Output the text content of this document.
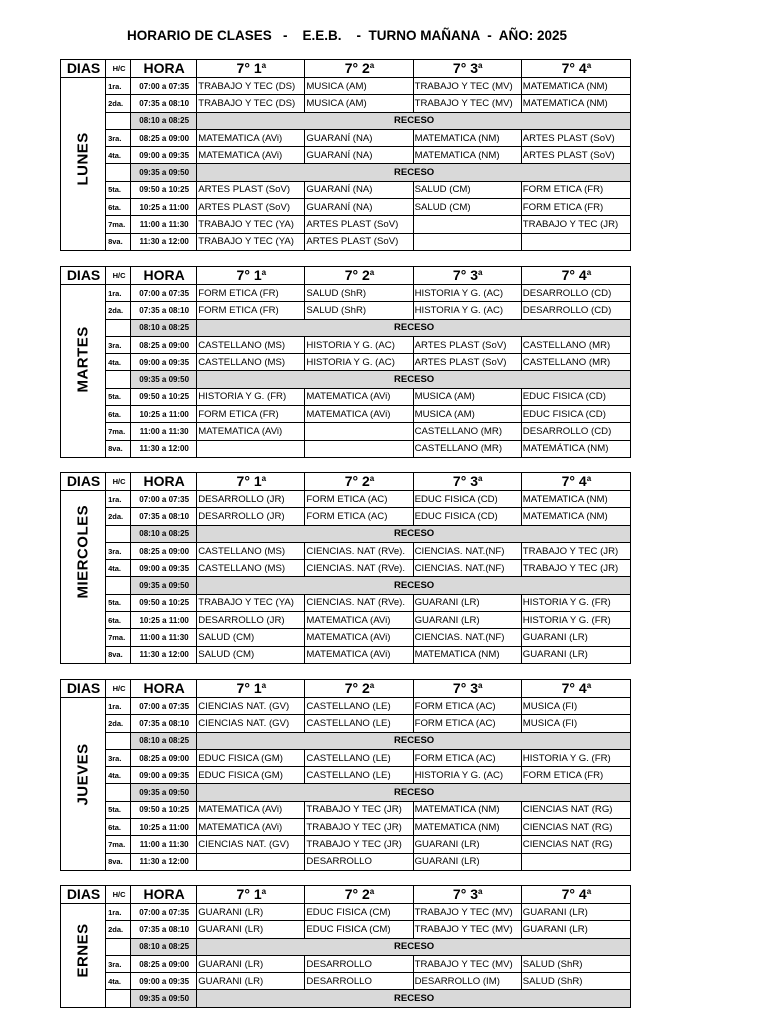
HORARIO DE CLASES   -    E.E.B.    -  TURNO MAÑANA  -  AÑO: 2025
DIAS	H/C	HORA	7° 1$^a$	7° 2$^a$	7° 3$^a$	7° 4$^a$

LUNES	1ra.	07:00 a 07:35	TRABAJO Y TEC (DS)	MUSICA (AM)	TRABAJO Y TEC (MV)	MATEMATICA (NM)
	2da.	07:35 a 08:10	TRABAJO Y TEC (DS)	MUSICA (AM)	TRABAJO Y TEC (MV)	MATEMATICA (NM)
		08:10 a 08:25	RECESO			
	3ra.	08:25 a 09:00	MATEMATICA (AVi)	GUARANÍ (NA)	MATEMATICA (NM)	ARTES PLAST (SoV)
	4ta.	09:00 a 09:35	MATEMATICA (AVi)	GUARANÍ (NA)	MATEMATICA (NM)	ARTES PLAST (SoV)
		09:35 a 09:50	RECESO			
	5ta.	09:50 a 10:25	ARTES PLAST (SoV)	GUARANÍ (NA)	SALUD (CM)	FORM ETICA (FR)
	6ta.	10:25 a 11:00	ARTES PLAST (SoV)	GUARANÍ (NA)	SALUD (CM)	FORM ETICA (FR)
	7ma.	11:00 a 11:30	TRABAJO Y TEC (YA)	ARTES PLAST (SoV)		TRABAJO Y TEC (JR)
	8va.	11:30 a 12:00	TRABAJO Y TEC (YA)	ARTES PLAST (SoV)		
DIAS	H/C	HORA	7° 1$^a$	7° 2$^a$	7° 3$^a$	7° 4$^a$

MARTES	1ra.	07:00 a 07:35	FORM ETICA (FR)	SALUD (ShR)	HISTORIA Y G. (AC)	DESARROLLO (CD)
	2da.	07:35 a 08:10	FORM ETICA (FR)	SALUD (ShR)	HISTORIA Y G. (AC)	DESARROLLO (CD)
		08:10 a 08:25	RECESO			
	3ra.	08:25 a 09:00	CASTELLANO (MS)	HISTORIA Y G. (AC)	ARTES PLAST (SoV)	CASTELLANO (MR)
	4ta.	09:00 a 09:35	CASTELLANO (MS)	HISTORIA Y G. (AC)	ARTES PLAST (SoV)	CASTELLANO (MR)
		09:35 a 09:50	RECESO			
	5ta.	09:50 a 10:25	HISTORIA Y G. (FR)	MATEMATICA (AVi)	MUSICA (AM)	EDUC FISICA (CD)
	6ta.	10:25 a 11:00	FORM ETICA (FR)	MATEMATICA (AVi)	MUSICA (AM)	EDUC FISICA (CD)
	7ma.	11:00 a 11:30	MATEMATICA (AVi)		CASTELLANO (MR)	DESARROLLO (CD)
	8va.	11:30 a 12:00			CASTELLANO (MR)	MATEMÁTICA (NM)
DIAS	H/C	HORA	7° 1$^a$	7° 2$^a$	7° 3$^a$	7° 4$^a$

MIERCOLES	1ra.	07:00 a 07:35	DESARROLLO (JR)	FORM ETICA (AC)	EDUC FISICA (CD)	MATEMATICA (NM)
	2da.	07:35 a 08:10	DESARROLLO (JR)	FORM ETICA (AC)	EDUC FISICA (CD)	MATEMATICA (NM)
		08:10 a 08:25	RECESO			
	3ra.	08:25 a 09:00	CASTELLANO (MS)	CIENCIAS. NAT (RVe).	CIENCIAS. NAT.(NF)	TRABAJO Y TEC (JR)
	4ta.	09:00 a 09:35	CASTELLANO (MS)	CIENCIAS. NAT (RVe).	CIENCIAS. NAT.(NF)	TRABAJO Y TEC (JR)
		09:35 a 09:50	RECESO			
	5ta.	09:50 a 10:25	TRABAJO Y TEC (YA)	CIENCIAS. NAT (RVe).	GUARANI (LR)	HISTORIA Y G. (FR)
	6ta.	10:25 a 11:00	DESARROLLO (JR)	MATEMATICA (AVi)	GUARANI (LR)	HISTORIA Y G. (FR)
	7ma.	11:00 a 11:30	SALUD (CM)	MATEMATICA (AVi)	CIENCIAS. NAT.(NF)	GUARANI (LR)
	8va.	11:30 a 12:00	SALUD (CM)	MATEMATICA (AVi)	MATEMATICA (NM)	GUARANI (LR)
DIAS	H/C	HORA	7° 1$^a$	7° 2$^a$	7° 3$^a$	7° 4$^a$

JUEVES	1ra.	07:00 a 07:35	CIENCIAS NAT. (GV)	CASTELLANO (LE)	FORM ETICA (AC)	MUSICA (FI)
	2da.	07:35 a 08:10	CIENCIAS NAT. (GV)	CASTELLANO (LE)	FORM ETICA (AC)	MUSICA (FI)
		08:10 a 08:25	RECESO			
	3ra.	08:25 a 09:00	EDUC FISICA (GM)	CASTELLANO (LE)	FORM ETICA (AC)	HISTORIA Y G. (FR)
	4ta.	09:00 a 09:35	EDUC FISICA (GM)	CASTELLANO (LE)	HISTORIA Y G. (AC)	FORM ETICA (FR)
		09:35 a 09:50	RECESO			
	5ta.	09:50 a 10:25	MATEMATICA (AVi)	TRABAJO Y TEC (JR)	MATEMATICA (NM)	CIENCIAS NAT (RG)
	6ta.	10:25 a 11:00	MATEMATICA (AVi)	TRABAJO Y TEC (JR)	MATEMATICA (NM)	CIENCIAS NAT (RG)
	7ma.	11:00 a 11:30	CIENCIAS NAT. (GV)	TRABAJO Y TEC (JR)	GUARANI (LR)	CIENCIAS NAT (RG)
	8va.	11:30 a 12:00		DESARROLLO	GUARANI (LR)	
DIAS	H/C	HORA	7° 1$^a$	7° 2$^a$	7° 3$^a$	7° 4$^a$

ERNES	1ra.	07:00 a 07:35	GUARANI (LR)	EDUC FISICA (CM)	TRABAJO Y TEC (MV)	GUARANI (LR)
	2da.	07:35 a 08:10	GUARANI (LR)	EDUC FISICA (CM)	TRABAJO Y TEC (MV)	GUARANI (LR)
		08:10 a 08:25	RECESO			
	3ra.	08:25 a 09:00	GUARANI (LR)	DESARROLLO	TRABAJO Y TEC (MV)	SALUD (ShR)
	4ta.	09:00 a 09:35	GUARANI (LR)	DESARROLLO	DESARROLLO (IM)	SALUD (ShR)
		09:35 a 09:50	RECESO			
